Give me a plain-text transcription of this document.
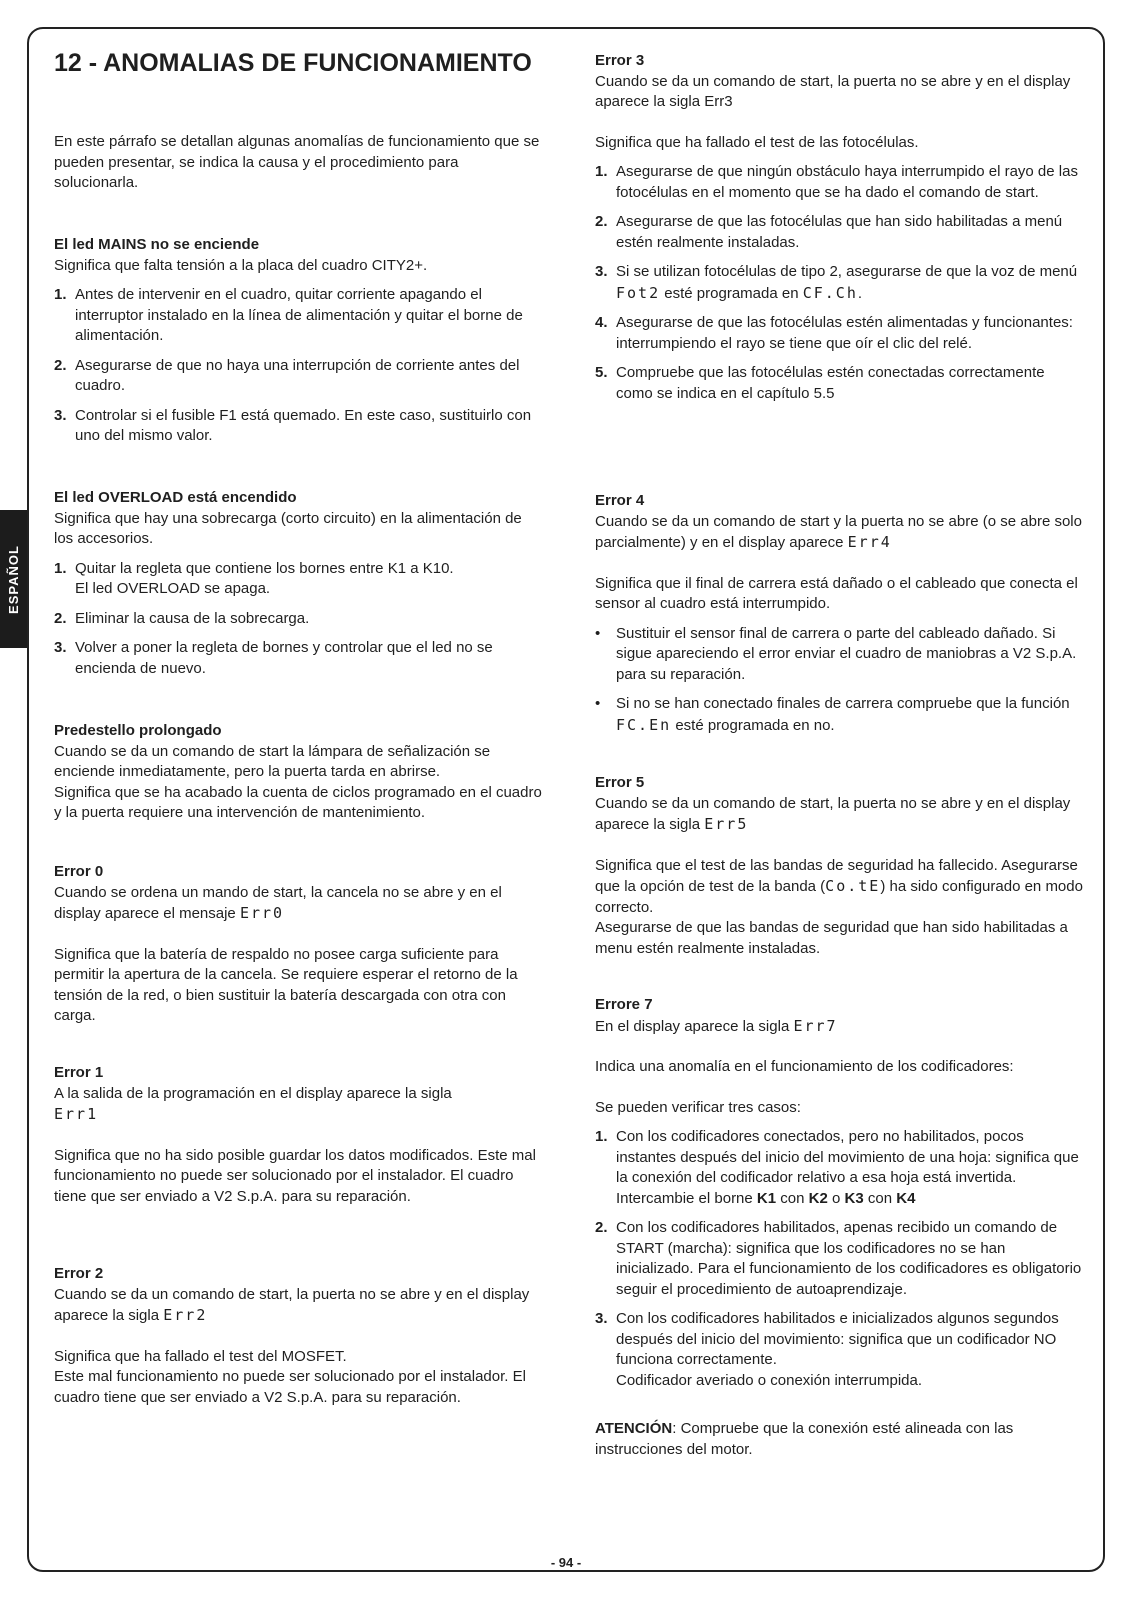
ESPAÑOL
12 - ANOMALIAS DE FUNCIONAMIENTO

En este párrafo se detallan algunas anomalías de funcionamiento que se pueden presentar, se indica la causa y el procedimiento para solucionarla.

El led MAINS no se enciende

Significa que falta tensión a la placa del cuadro CITY2+.

1. Antes de intervenir en el cuadro, quitar corriente apagando el interruptor instalado en la línea de alimentación y quitar el borne de alimentación.
2. Asegurarse de que no haya una interrupción de corriente antes del cuadro.
3. Controlar si el fusible F1 está quemado. En este caso, sustituirlo con uno del mismo valor.

El led OVERLOAD está encendido

Significa que hay una sobrecarga (corto circuito) en la alimentación de los accesorios.

1. Quitar la regleta que contiene los bornes entre K1 a K10.
El led OVERLOAD se apaga.
2. Eliminar la causa de la sobrecarga.
3. Volver a poner la regleta de bornes y controlar que el led no se encienda de nuevo.

Predestello prolongado

Cuando se da un comando de start la lámpara de señalización se enciende inmediatamente, pero la puerta tarda en abrirse.

Significa que se ha acabado la cuenta de ciclos programado en el cuadro y la puerta requiere una intervención de mantenimiento.

Error 0

Cuando se ordena un mando de start, la cancela no se abre y en el display aparece el mensaje Err0

Significa que la batería de respaldo no posee carga suficiente para permitir la apertura de la cancela. Se requiere esperar el retorno de la tensión de la red, o bien sustituir la batería descargada con otra con carga.

Error 1

A la salida de la programación en el display aparece la sigla

Err1

Significa que no ha sido posible guardar los datos modificados. Este mal funcionamiento no puede ser solucionado por el instalador. El cuadro tiene que ser enviado a V2 S.p.A. para su reparación.

Error 2

Cuando se da un comando de start, la puerta no se abre y en el display aparece la sigla Err2

Significa que ha fallado el test del MOSFET.

Este mal funcionamiento no puede ser solucionado por el instalador. El cuadro tiene que ser enviado a V2 S.p.A. para su reparación.

Error 3

Cuando se da un comando de start, la puerta no se abre y en el display aparece la sigla Err3

Significa que ha fallado el test de las fotocélulas.

1. Asegurarse de que ningún obstáculo haya interrumpido el rayo de las fotocélulas en el momento que se ha dado el comando de start.
2. Asegurarse de que las fotocélulas que han sido habilitadas a menú estén realmente instaladas.
3. Si se utilizan fotocélulas de tipo 2, asegurarse de que la voz de menú Fot2 esté programada en CF.Ch.
4. Asegurarse de que las fotocélulas estén alimentadas y funcionantes: interrumpiendo el rayo se tiene que oír el clic del relé.
5. Compruebe que las fotocélulas estén conectadas correctamente como se indica en el capítulo 5.5

Error 4

Cuando se da un comando de start y la puerta no se abre (o se abre solo parcialmente) y en el display aparece Err4

Significa que il final de carrera está dañado o el cableado que conecta el sensor al cuadro está interrumpido.

•	Sustituir el sensor final de carrera o parte del cableado dañado. Si sigue apareciendo el error enviar el cuadro de maniobras a V2 S.p.A. para su reparación.
•	Si no se han conectado finales de carrera compruebe que la función FC.En esté programada en no.

Error 5

Cuando se da un comando de start, la puerta no se abre y en el display aparece la sigla Err5

Significa que el test de las bandas de seguridad ha fallecido. Asegurarse que la opción de test de la banda (Co.tE) ha sido configurado en modo correcto.

Asegurarse de que las bandas de seguridad que han sido habilitadas a menu estén realmente instaladas.

Errore 7

En el display aparece la sigla Err7

Indica una anomalía en el funcionamiento de los codificadores:

Se pueden verificar tres casos:

1. Con los codificadores conectados, pero no habilitados, pocos instantes después del inicio del movimiento de una hoja: significa que la conexión del codificador relativo a esa hoja está invertida. Intercambie el borne K1 con K2 o K3 con K4
2. Con los codificadores habilitados, apenas recibido un comando de START (marcha): significa que los codificadores no se han inicializado. Para el funcionamiento de los codificadores es obligatorio seguir el procedimiento de autoaprendizaje.
3. Con los codificadores habilitados e inicializados algunos segundos después del inicio del movimiento: significa que un codificador NO funciona correctamente.
Codificador averiado o conexión interrumpida.

ATENCIÓN: Compruebe que la conexión esté alineada con las instrucciones del motor.

- 94 -
